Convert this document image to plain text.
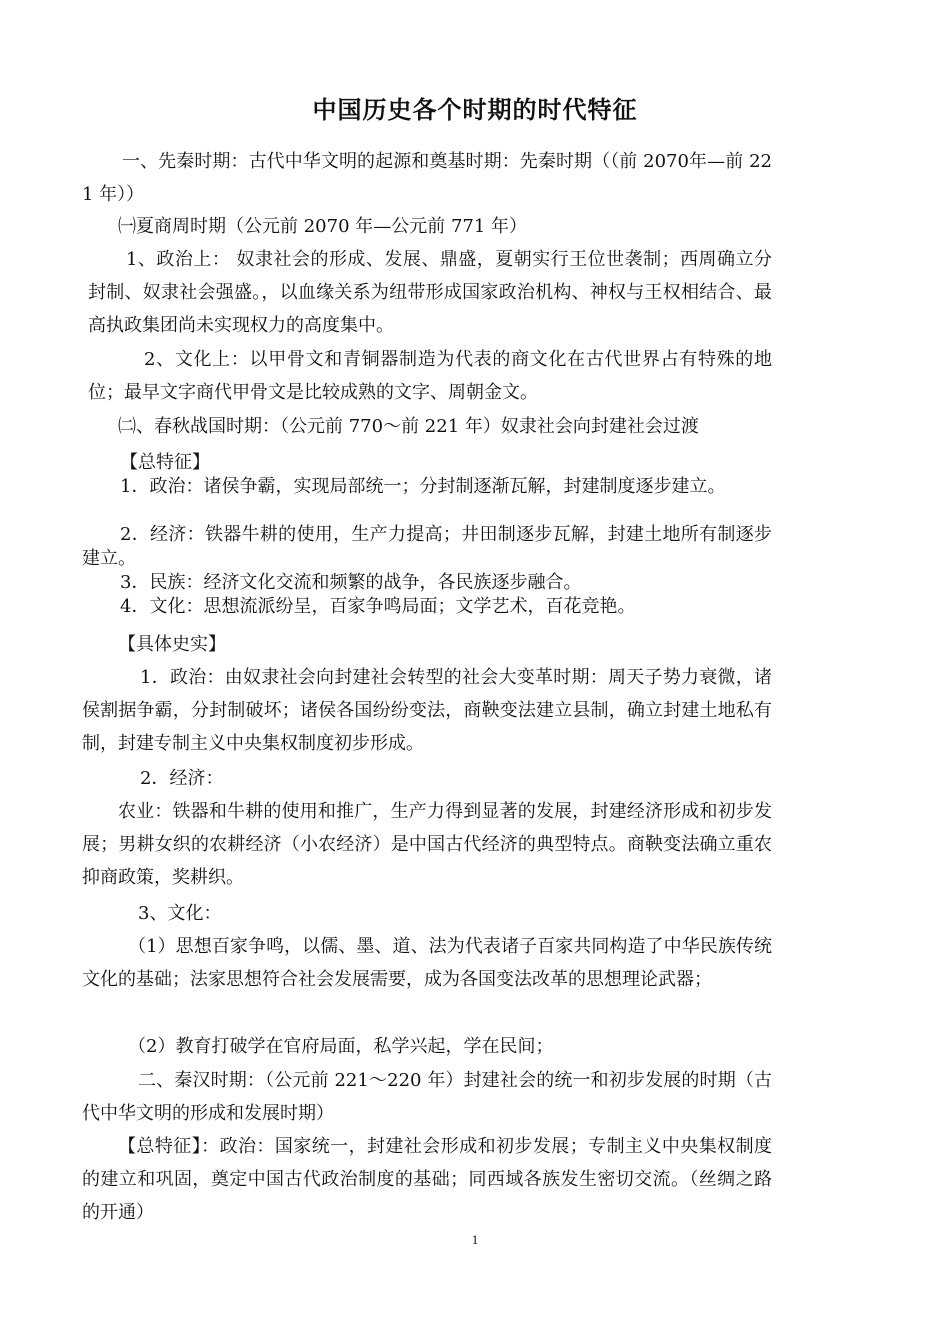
中国历史各个时期的时代特征

一、先秦时期：古代中华文明的起源和奠基时期：先秦时期（（前 2070年—前 221 年））

㈠夏商周时期（公元前 2070 年—公元前 771 年）

1、政治上： 奴隶社会的形成、发展、鼎盛，夏朝实行王位世袭制；西周确立分封制、奴隶社会强盛。，以血缘关系为纽带形成国家政治机构、神权与王权相结合、最高执政集团尚未实现权力的高度集中。

2、文化上：以甲骨文和青铜器制造为代表的商文化在古代世界占有特殊的地位；最早文字商代甲骨文是比较成熟的文字、周朝金文。

㈡、春秋战国时期：（公元前 770～前 221 年）奴隶社会向封建社会过渡

【总特征】

1．政治：诸侯争霸，实现局部统一；分封制逐渐瓦解，封建制度逐步建立。

2．经济：铁器牛耕的使用，生产力提高；井田制逐步瓦解，封建土地所有制逐步建立。

3．民族：经济文化交流和频繁的战争，各民族逐步融合。

4．文化：思想流派纷呈，百家争鸣局面；文学艺术，百花竞艳。

【具体史实】

1．政治：由奴隶社会向封建社会转型的社会大变革时期：周天子势力衰微，诸侯割据争霸，分封制破坏；诸侯各国纷纷变法，商鞅变法建立县制，确立封建土地私有制，封建专制主义中央集权制度初步形成。

2．经济：

农业：铁器和牛耕的使用和推广，生产力得到显著的发展，封建经济形成和初步发展；男耕女织的农耕经济（小农经济）是中国古代经济的典型特点。商鞅变法确立重农抑商政策，奖耕织。

3、文化：

（1）思想百家争鸣，以儒、墨、道、法为代表诸子百家共同构造了中华民族传统文化的基础；法家思想符合社会发展需要，成为各国变法改革的思想理论武器；

（2）教育打破学在官府局面，私学兴起，学在民间；

二、秦汉时期：（公元前 221～220 年）封建社会的统一和初步发展的时期（古代中华文明的形成和发展时期）

【总特征】：政治：国家统一，封建社会形成和初步发展；专制主义中央集权制度的建立和巩固，奠定中国古代政治制度的基础；同西域各族发生密切交流。（丝绸之路的开通）

1
